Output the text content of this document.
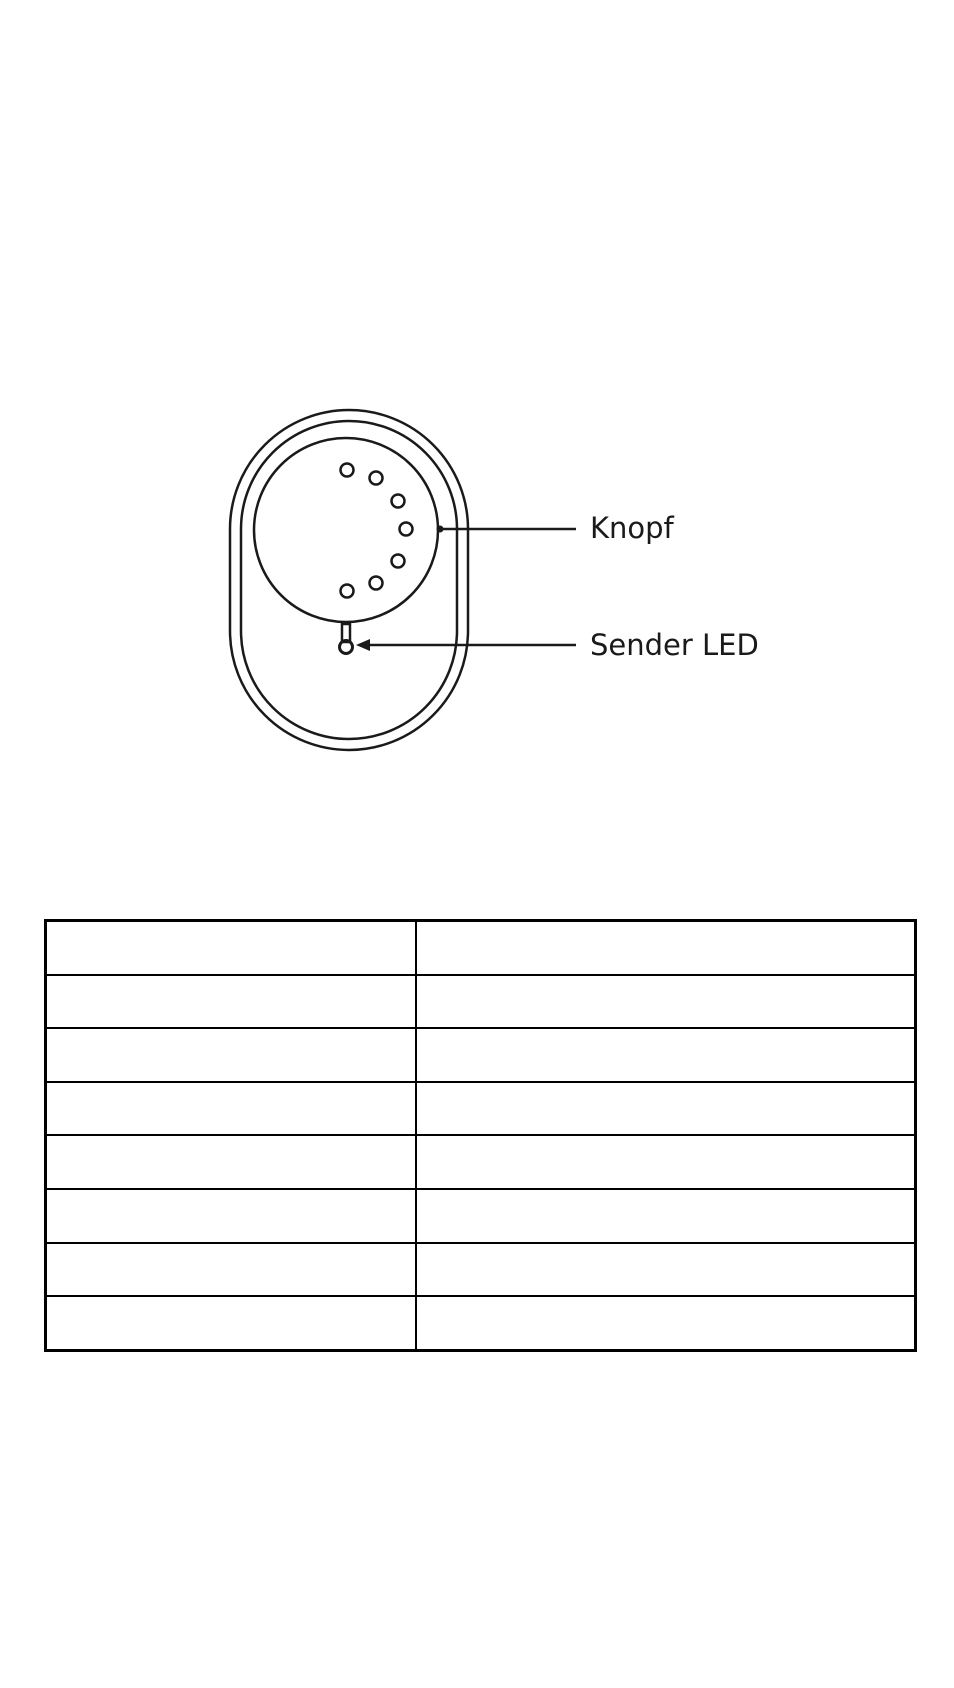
Knopf
Sender LED
